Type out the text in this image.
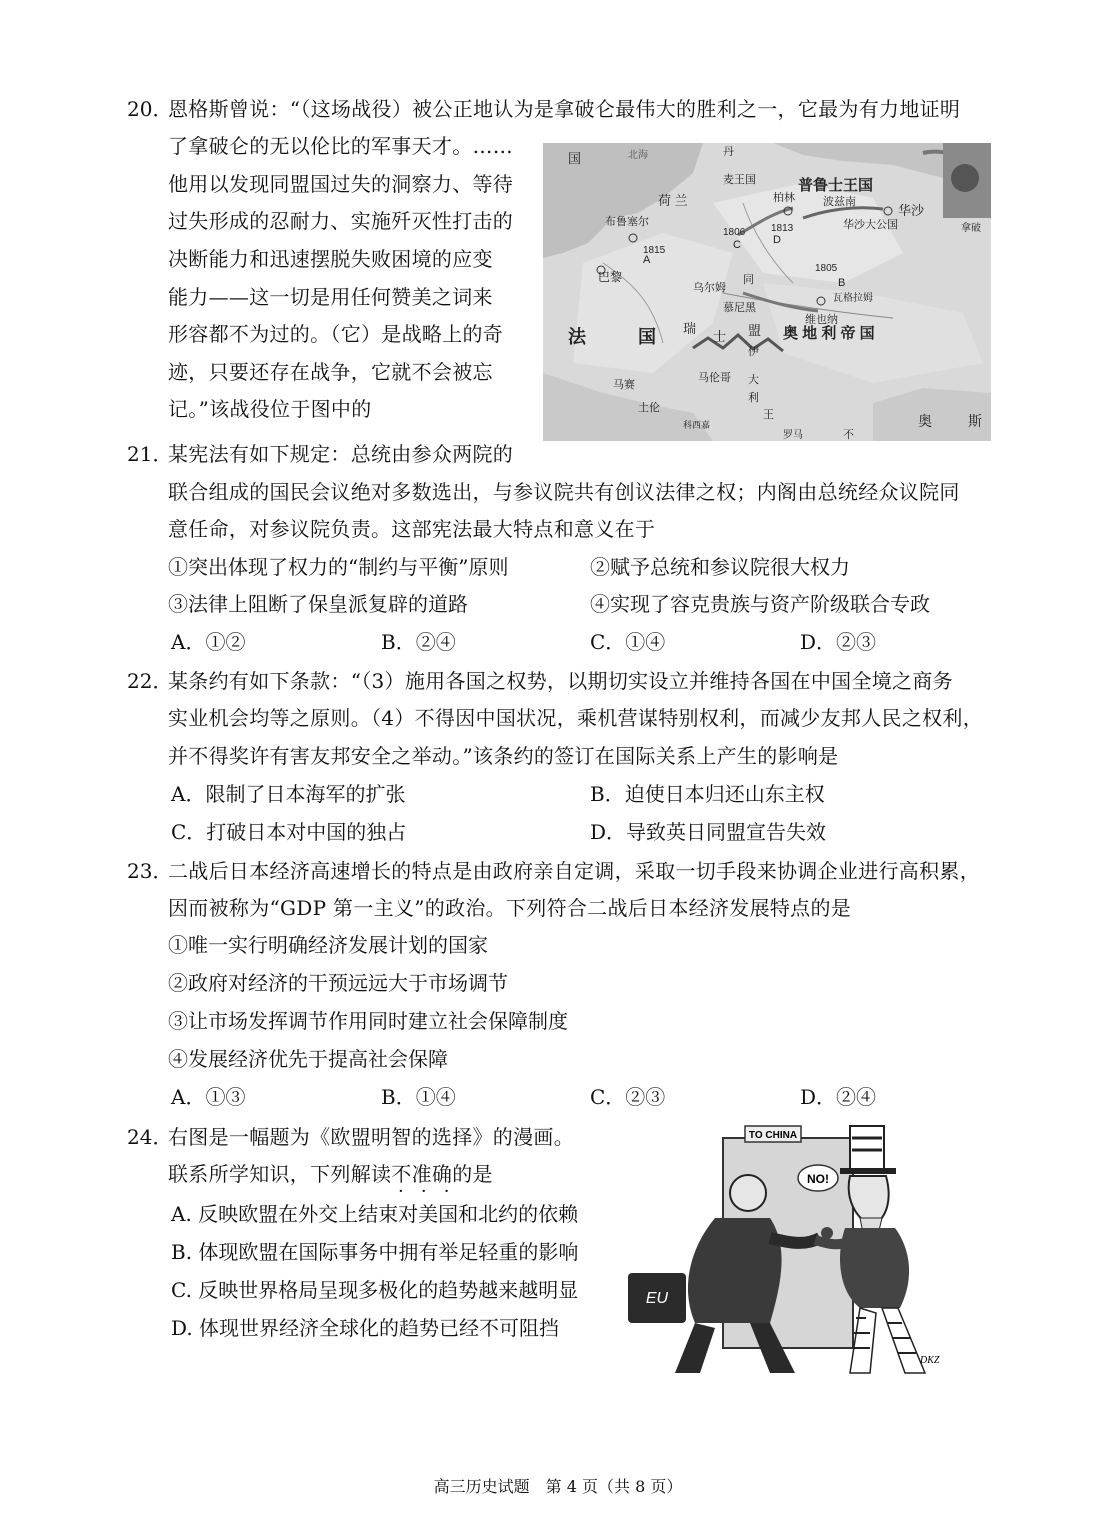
20．
恩格斯曾说：“（这场战役）被公正地认为是拿破仑最伟大的胜利之一，它最为有力地证明
了拿破仑的无以伦比的军事天才。……
他用以发现同盟国过失的洞察力、等待
过失形成的忍耐力、实施歼灭性打击的
决断能力和迅速摆脱失败困境的应变
能力——这一切是用任何赞美之词来
形容都不为过的。（它）是战略上的奇
迹，只要还存在战争，它就不会被忘
记。”该战役位于图中的
国	北海	丹
麦王国	普鲁士王国
荷 兰
布鲁塞尔
柏林	波兹南
华沙
华沙大公国
1815
1806	1813
1805
巴黎
A
B
C	D
乌尔姆
同
慕尼黑
瓦格拉姆
维也纳
法	国 瑞
士 盟 奥 地 利 帝 国
马伦哥
马赛
土伦
伊
大
利
王
罗马	不
奥	斯
拿破
科西嘉
21．
某宪法有如下规定：总统由参众两院的
联合组成的国民会议绝对多数选出，与参议院共有创议法律之权；内阁由总统经众议院同
意任命，对参议院负责。这部宪法最大特点和意义在于
①突出体现了权力的“制约与平衡”原则	②赋予总统和参议院很大权力
③法律上阻断了保皇派复辟的道路	④实现了容克贵族与资产阶级联合专政
A．①②	B．②④	C．①④	D．②③
22．
某条约有如下条款：“（3）施用各国之权势，以期切实设立并维持各国在中国全境之商务
实业机会均等之原则。（4）不得因中国状况，乘机营谋特别权利，而减少友邦人民之权利，
并不得奖许有害友邦安全之举动。”该条约的签订在国际关系上产生的影响是
A．限制了日本海军的扩张	B．迫使日本归还山东主权
C．打破日本对中国的独占	D．导致英日同盟宣告失效
23．
二战后日本经济高速增长的特点是由政府亲自定调，采取一切手段来协调企业进行高积累，
因而被称为“GDP 第一主义”的政治。下列符合二战后日本经济发展特点的是
①唯一实行明确经济发展计划的国家
②政府对经济的干预远远大于市场调节
③让市场发挥调节作用同时建立社会保障制度
④发展经济优先于提高社会保障
A．①③	B．①④	C．②③	D．②④
24．
右图是一幅题为《欧盟明智的选择》的漫画。
联系所学知识，下列解读不准确的是
·   ·   ·
A. 反映欧盟在外交上结束对美国和北约的依赖
B. 体现欧盟在国际事务中拥有举足轻重的影响
C. 反映世界格局呈现多极化的趋势越来越明显
D. 体现世界经济全球化的趋势已经不可阻挡
TO CHINA
NO!
EU
DKZ
高三历史试题　第 4 页（共 8 页）
